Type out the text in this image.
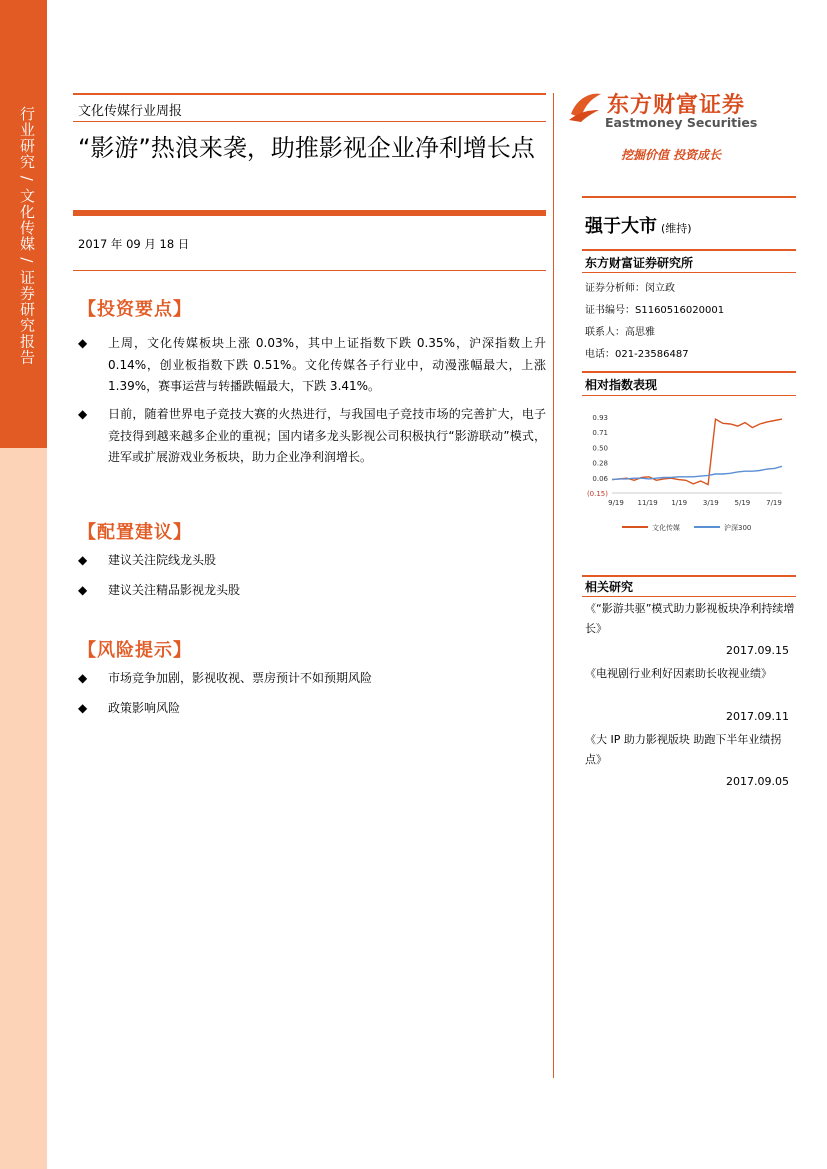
行业研究 / 文化传媒 / 证券研究报告	文化传媒行业周报
“影游”热浪来袭，助推影视企业净利增长点
2017 年 09 月 18 日
【投资要点】
◆ 上周，文化传媒板块上涨 0.03%，其中上证指数下跌 0.35%，沪深指数上升 0.14%，创业板指数下跌 0.51%。文化传媒各子行业中，动漫涨幅最大，上涨 1.39%，赛事运营与转播跌幅最大，下跌 3.41%。
◆ 日前，随着世界电子竞技大赛的火热进行，与我国电子竞技市场的完善扩大，电子竞技得到越来越多企业的重视；国内诸多龙头影视公司积极执行“影游联动”模式，进军或扩展游戏业务板块，助力企业净利润增长。
【配置建议】
◆ 建议关注院线龙头股
◆ 建议关注精品影视龙头股
【风险提示】
◆ 市场竞争加剧，影视收视、票房预计不如预期风险
◆ 政策影响风险
东方财富证券
Eastmoney Securities
挖掘价值 投资成长
强于大市 (维持)
东方财富证券研究所
证券分析师：闵立政
证书编号：S1160516020001
联系人：高思雅
电话：021-23586487
相对指数表现
0.93
0.71
0.50
0.28
0.06
(0.15)
9/19 11/19 1/19 3/19 5/19 7/19
文化传媒	沪深300
相关研究
《“影游共驱”模式助力影视板块净利持续增长》
2017.09.15
《电视剧行业利好因素助长收视业绩》
2017.09.11
《大 IP 助力影视版块 助跑下半年业绩拐点》
2017.09.05
